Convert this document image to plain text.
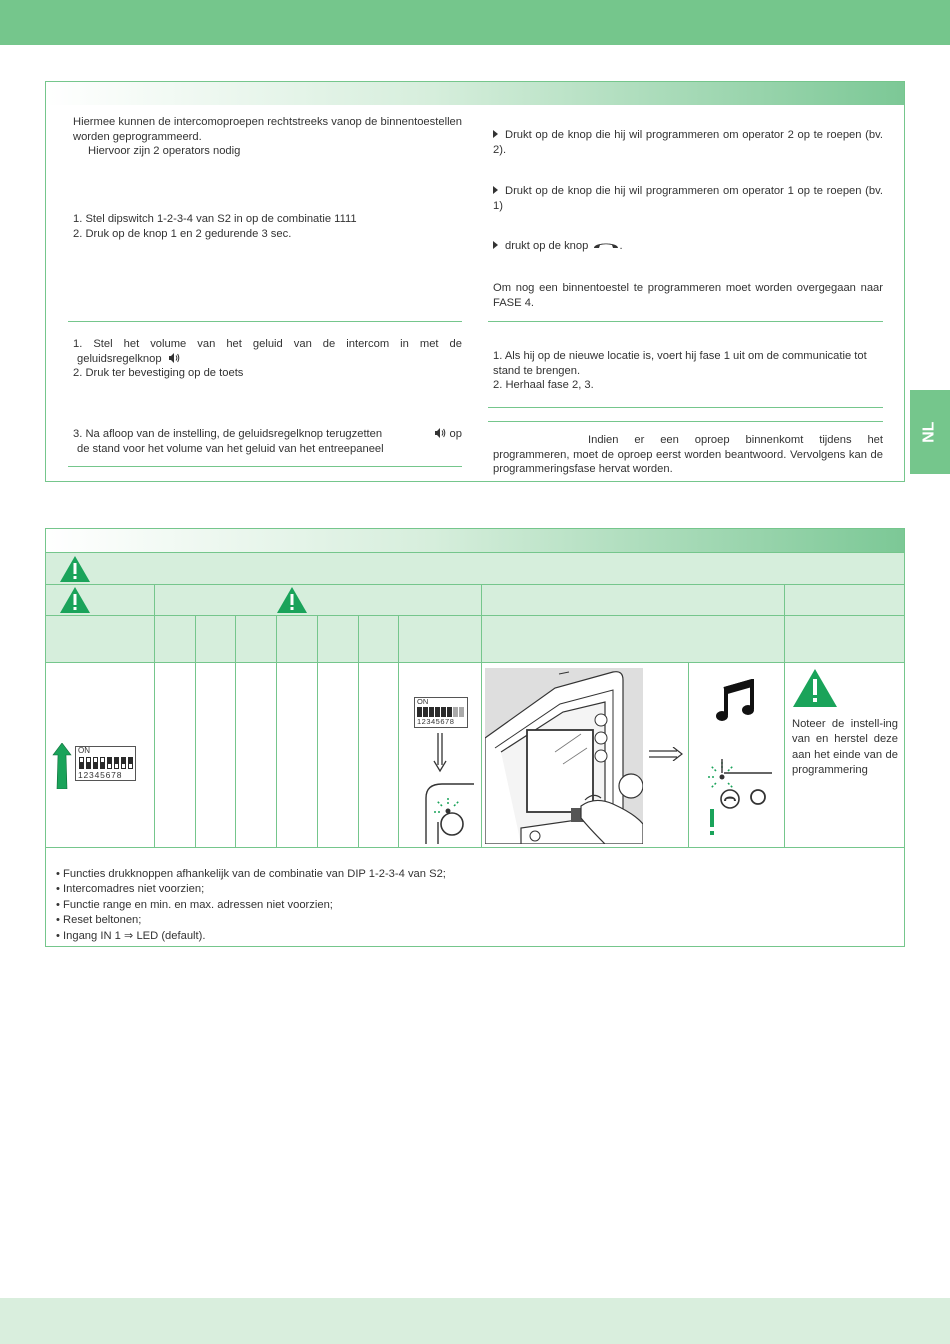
NL
Hiermee kunnen de intercomoproepen rechtstreeks vanop de binnentoestellen worden geprogrammeerd.
Hiervoor zijn 2 operators nodig
1. Stel dipswitch 1-2-3-4 van S2 in op de combinatie 1111
2. Druk op de knop 1 en 2 gedurende 3 sec.
1. Stel het volume van het geluid van de intercom in met de
geluidsregelknop
2. Druk ter bevestiging op de toets
3. Na afloop van de instelling, de geluidsregelknop terugzetten	op
de stand voor het volume van het geluid van het entreepaneel
Drukt op de knop die hij wil programmeren om operator 2 op te roepen (bv. 2).
Drukt op de knop die hij wil programmeren om operator 1 op te roepen (bv. 1)
drukt op de knop	.
Om nog een binnentoestel te programmeren moet worden overgegaan naar FASE 4.
1. Als hij op de nieuwe locatie is, voert hij fase 1 uit om de communicatie tot stand te brengen.
2. Herhaal fase 2, 3.
Indien er een oproep binnenkomt tijdens het programmeren, moet de oproep eerst worden beantwoord. Vervolgens kan de programmeringsfase hervat worden.
ON
12345678
ON
12345678	Noteer de instell-ing van en herstel deze aan het einde van de programmering
• Functies drukknoppen afhankelijk van de combinatie van DIP 1-2-3-4 van S2;
• Intercomadres niet voorzien;
• Functie range en min. en max. adressen niet voorzien;
• Reset beltonen;
• Ingang IN 1 ⇒ LED (default).
